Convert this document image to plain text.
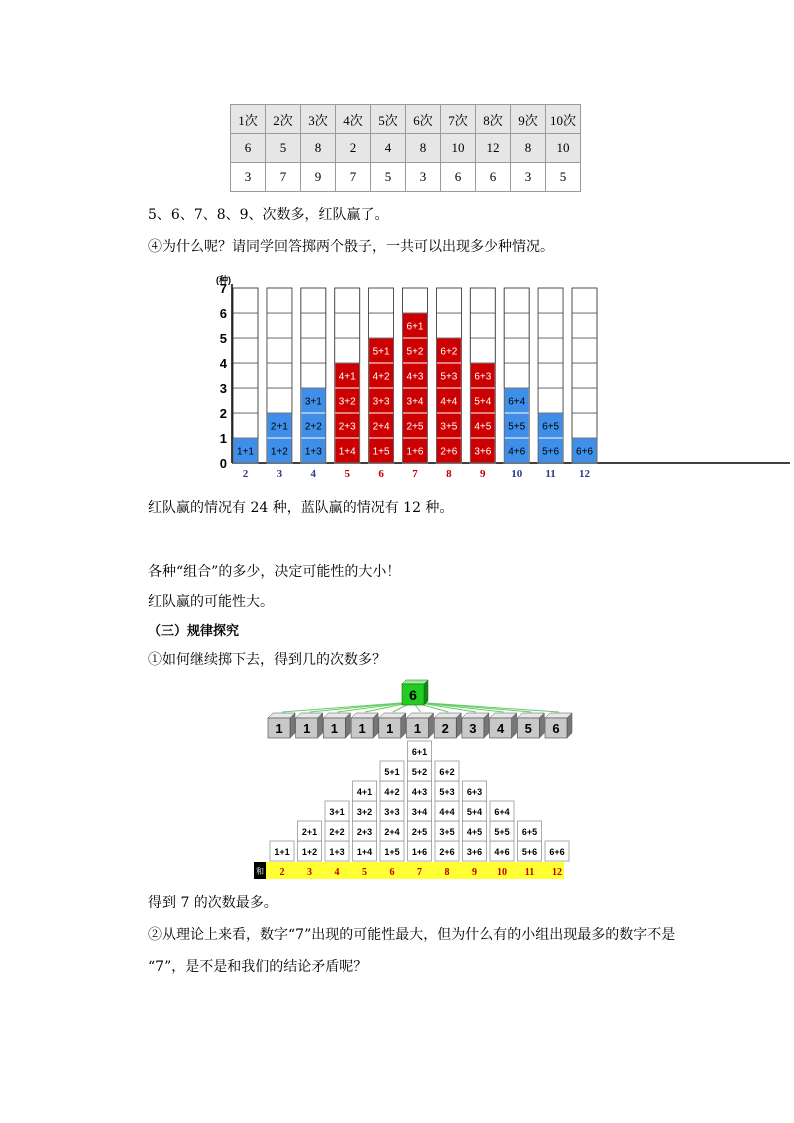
1次	2次	3次	4次	5次	6次	7次	8次	9次	10次
6	5	8	2	4	8	10	12	8	10
3	7	9	7	5	3	6	6	3	5
5、6、7、8、9、次数多，红队赢了。
④为什么呢？请同学回答掷两个骰子，一共可以出现多少种情况。
(种)
0
1
2
3
4
5
6
7
1+1
2
1+2
2+1
3
1+3
2+2
3+1
4
1+4
2+3
3+2
4+1
5
1+5
2+4
3+3
4+2
5+1
6
1+6
2+5
3+4
4+3
5+2
6+1
7
2+6
3+5
4+4
5+3
6+2
8
3+6
4+5
5+4
6+3
9
4+6
5+5
6+4
10
5+6
6+5
11
6+6
12
红队赢的情况有 24 种，蓝队赢的情况有 12 种。
各种“组合”的多少，决定可能性的大小！
红队赢的可能性大。
（三）规律探究
①如何继续掷下去，得到几的次数多？
6
1 1 1 1 1 1 2 3 4 5 6
和
1+1
2
1+2
2+1
3
1+3
2+2
3+1
4
1+4
2+3
3+2
4+1
5
1+5
2+4
3+3
4+2
5+1
6
1+6
2+5
3+4
4+3
5+2
6+1
7
2+6
3+5
4+4
5+3
6+2
8
3+6
4+5
5+4
6+3
9
4+6
5+5
6+4
10
5+6
6+5
11
6+6
12
得到 7 的次数最多。
②从理论上来看，数字“7”出现的可能性最大，但为什么有的小组出现最多的数字不是
“7”，是不是和我们的结论矛盾呢？
